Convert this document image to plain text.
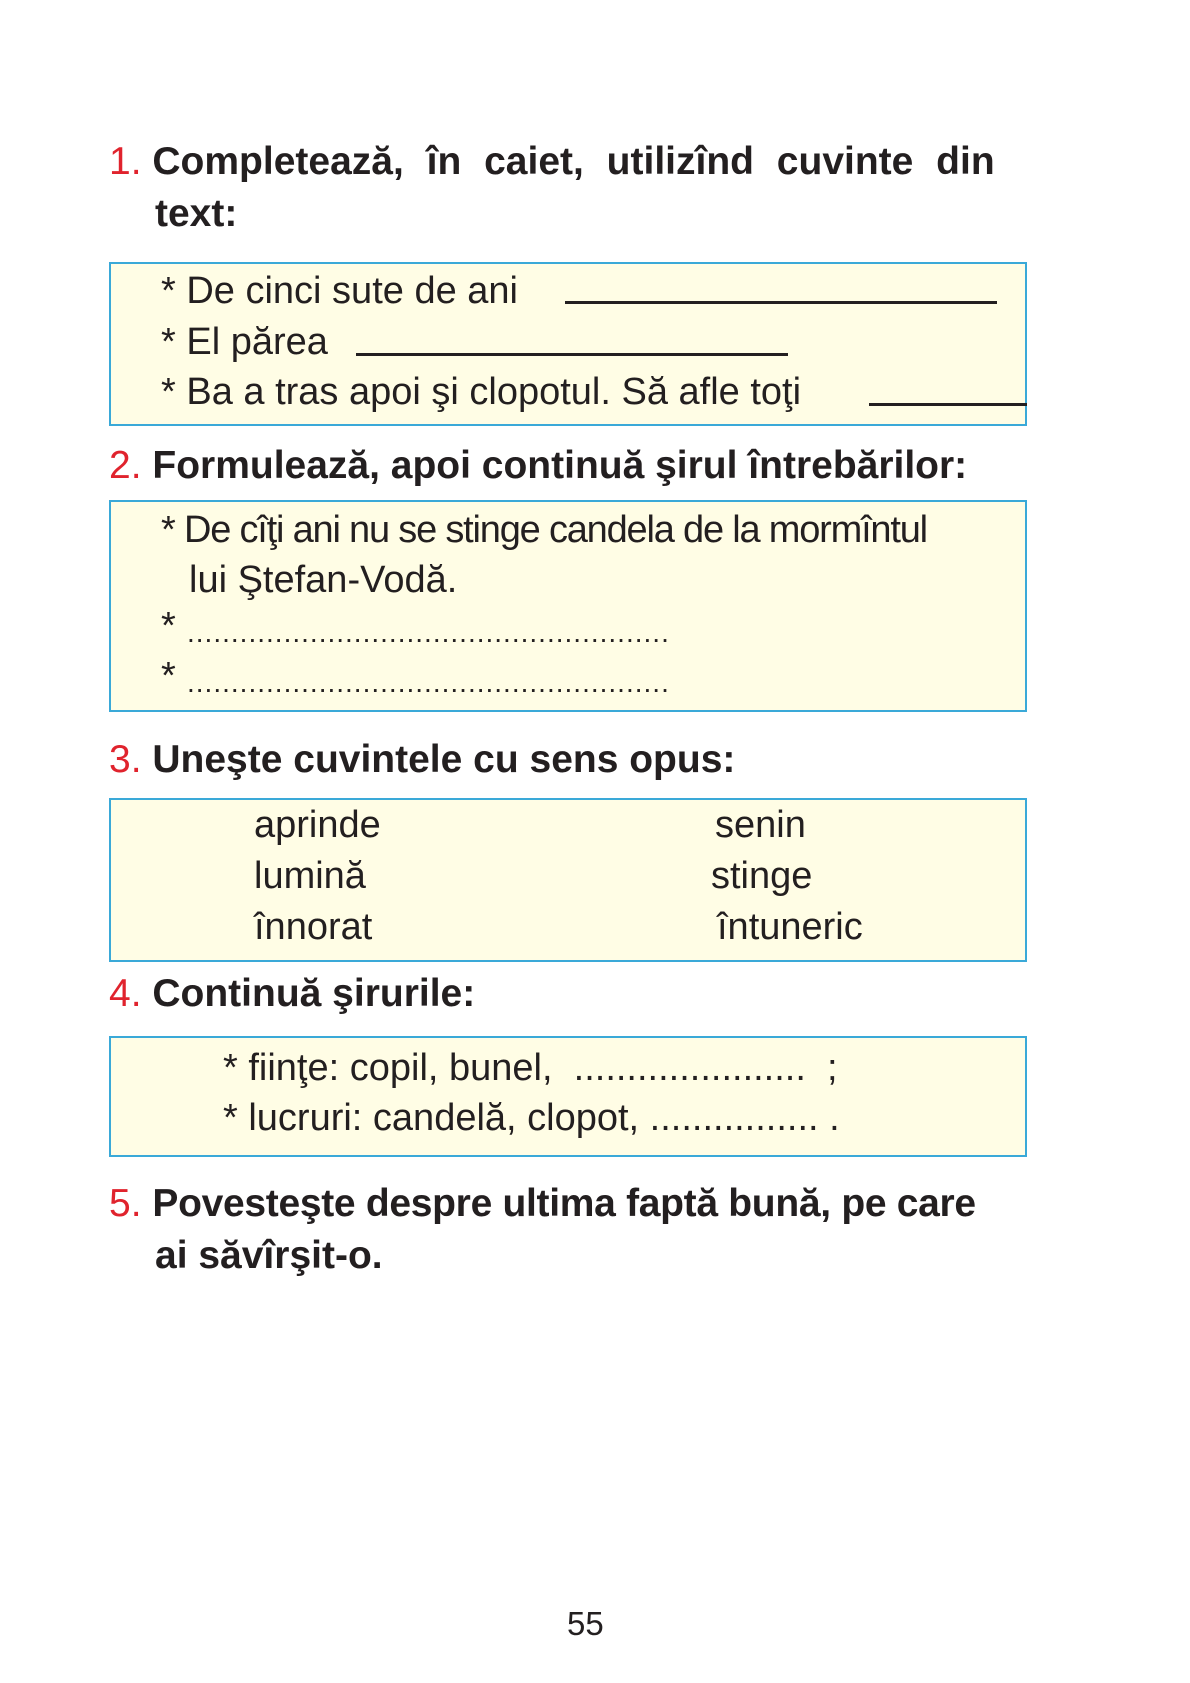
1. Completează, în caiet, utilizînd cuvinte din
text:
* De cinci sute de ani
* El părea
* Ba a tras apoi şi clopotul. Să afle toţi
2. Formulează, apoi continuă şirul întrebărilor:
* De cîţi ani nu se stinge candela de la mormîntul
lui Ştefan-Vodă.
* .......................................................
* .......................................................
3. Uneşte cuvintele cu sens opus:
aprinde
lumină
înnorat
senin
stinge
întuneric
4. Continuă şirurile:
* fiinţe: copil, bunel,  ......................  ;
* lucruri: candelă, clopot, ................ .
5. Povesteşte despre ultima faptă bună, pe care
ai săvîrşit-o.
55
